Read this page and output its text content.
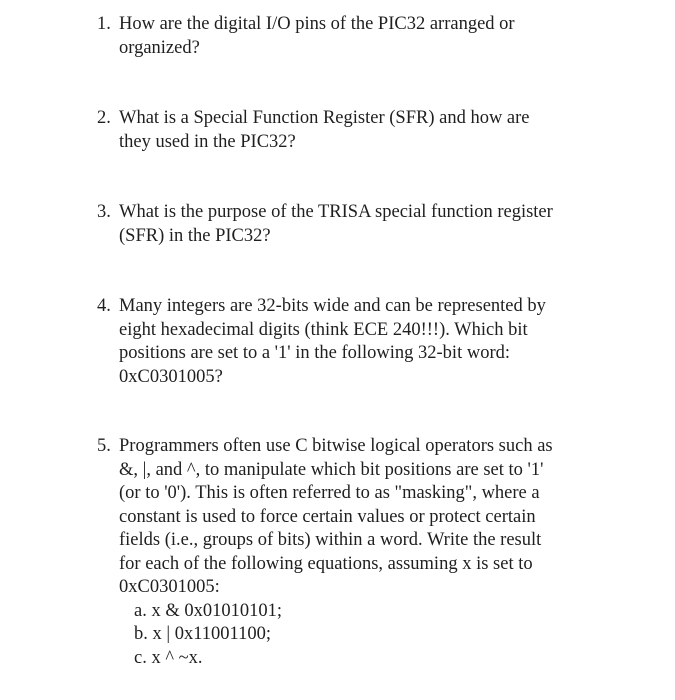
1. How are the digital I/O pins of the PIC32 arranged or
organized?
2. What is a Special Function Register (SFR) and how are
they used in the PIC32?
3. What is the purpose of the TRISA special function register
(SFR) in the PIC32?
4. Many integers are 32-bits wide and can be represented by
eight hexadecimal digits (think ECE 240!!!). Which bit
positions are set to a '1' in the following 32-bit word:
0xC0301005?
5. Programmers often use C bitwise logical operators such as
&, |, and ^, to manipulate which bit positions are set to '1'
(or to '0'). This is often referred to as "masking", where a
constant is used to force certain values or protect certain
fields (i.e., groups of bits) within a word. Write the result
for each of the following equations, assuming x is set to
0xC0301005:
a. x & 0x01010101;
b. x | 0x11001100;
c. x ^ ~x.
